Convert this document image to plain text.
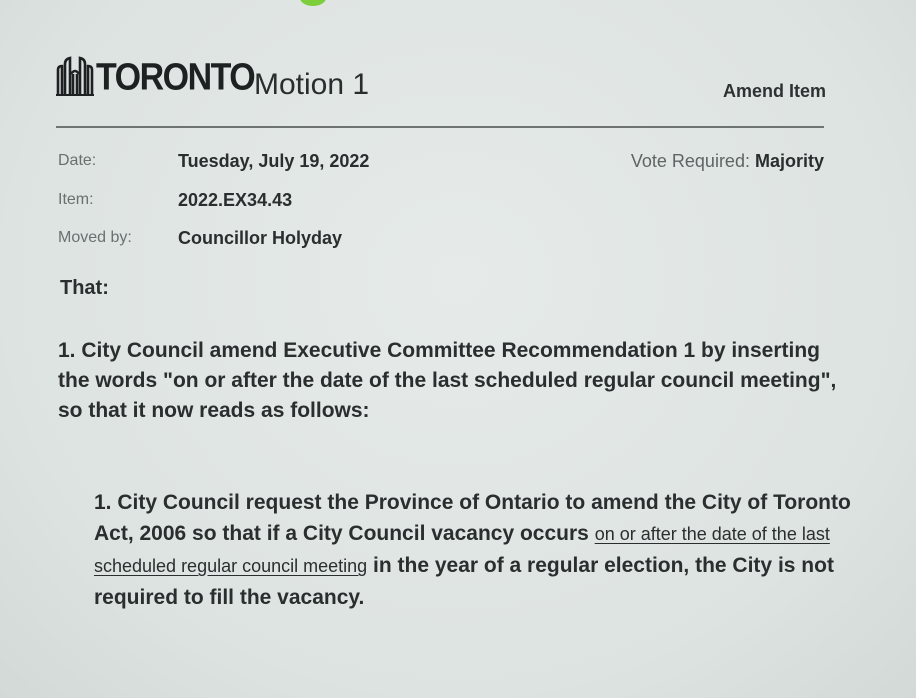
TORONTO Motion 1	Amend Item
Date:	Tuesday, July 19, 2022
Item:	2022.EX34.43
Moved by:	Councillor Holyday
Vote Required: Majority
That:
1. City Council amend Executive Committee Recommendation 1 by inserting the words "on or after the date of the last scheduled regular council meeting", so that it now reads as follows:
1. City Council request the Province of Ontario to amend the City of Toronto Act, 2006 so that if a City Council vacancy occurs on or after the date of the last scheduled regular council meeting in the year of a regular election, the City is not required to fill the vacancy.
